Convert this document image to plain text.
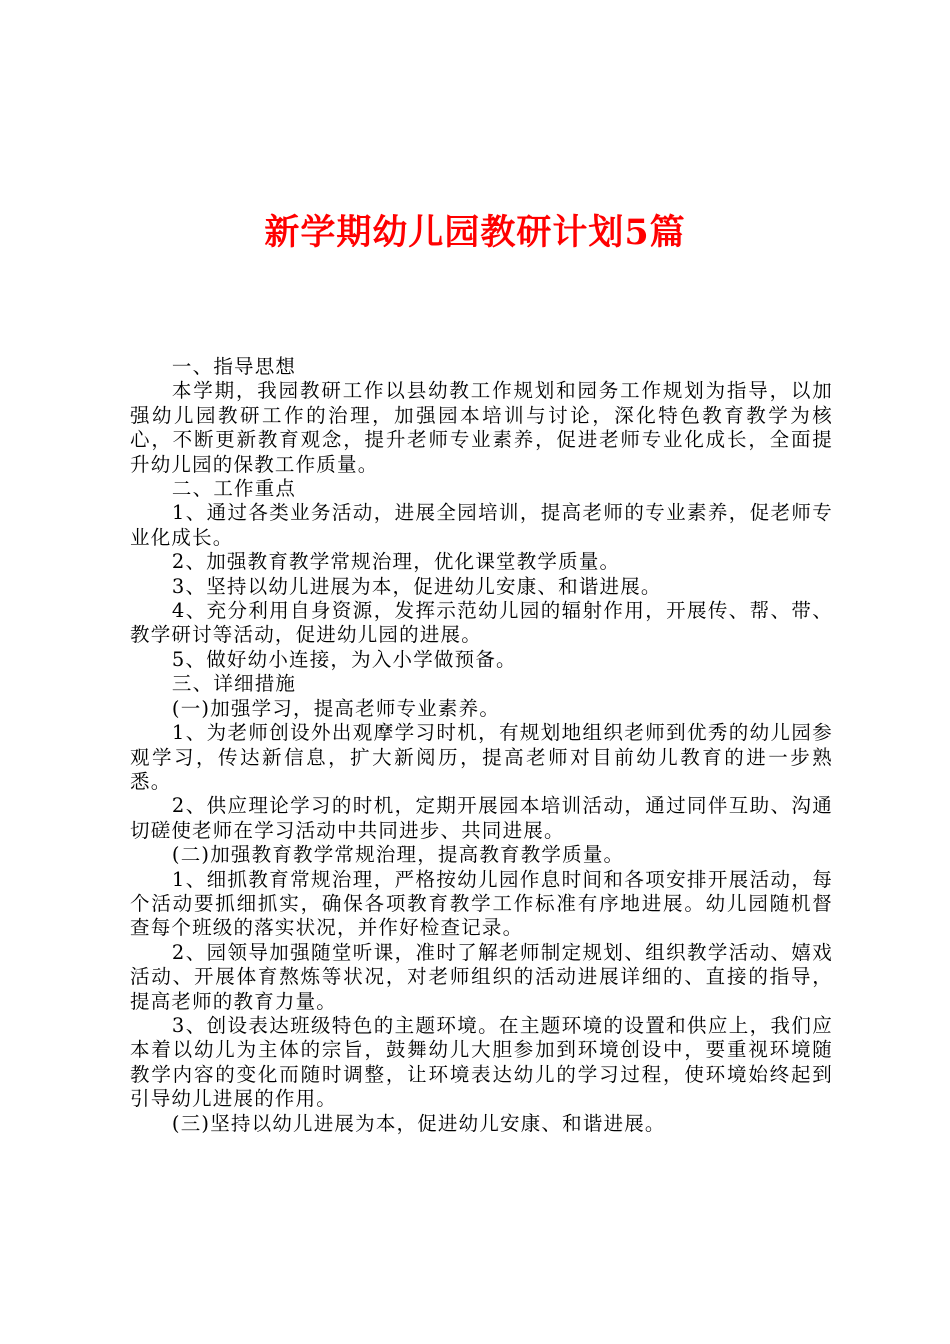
新学期幼儿园教研计划5篇

一、指导思想

本学期，我园教研工作以县幼教工作规划和园务工作规划为指导，以加强幼儿园教研工作的治理，加强园本培训与讨论，深化特色教育教学为核心，不断更新教育观念，提升老师专业素养，促进老师专业化成长，全面提升幼儿园的保教工作质量。

二、工作重点

1、通过各类业务活动，进展全园培训，提高老师的专业素养，促老师专业化成长。

2、加强教育教学常规治理，优化课堂教学质量。

3、坚持以幼儿进展为本，促进幼儿安康、和谐进展。

4、充分利用自身资源，发挥示范幼儿园的辐射作用，开展传、帮、带、教学研讨等活动，促进幼儿园的进展。

5、做好幼小连接，为入小学做预备。

三、详细措施

(一)加强学习，提高老师专业素养。

1、为老师创设外出观摩学习时机，有规划地组织老师到优秀的幼儿园参观学习，传达新信息，扩大新阅历，提高老师对目前幼儿教育的进一步熟悉。

2、供应理论学习的时机，定期开展园本培训活动，通过同伴互助、沟通切磋使老师在学习活动中共同进步、共同进展。

(二)加强教育教学常规治理，提高教育教学质量。

1、细抓教育常规治理，严格按幼儿园作息时间和各项安排开展活动，每个活动要抓细抓实，确保各项教育教学工作标准有序地进展。幼儿园随机督查每个班级的落实状况，并作好检查记录。

2、园领导加强随堂听课，准时了解老师制定规划、组织教学活动、嬉戏活动、开展体育熬炼等状况，对老师组织的活动进展详细的、直接的指导，提高老师的教育力量。

3、创设表达班级特色的主题环境。在主题环境的设置和供应上，我们应本着以幼儿为主体的宗旨，鼓舞幼儿大胆参加到环境创设中，要重视环境随教学内容的变化而随时调整，让环境表达幼儿的学习过程，使环境始终起到引导幼儿进展的作用。

(三)坚持以幼儿进展为本，促进幼儿安康、和谐进展。
